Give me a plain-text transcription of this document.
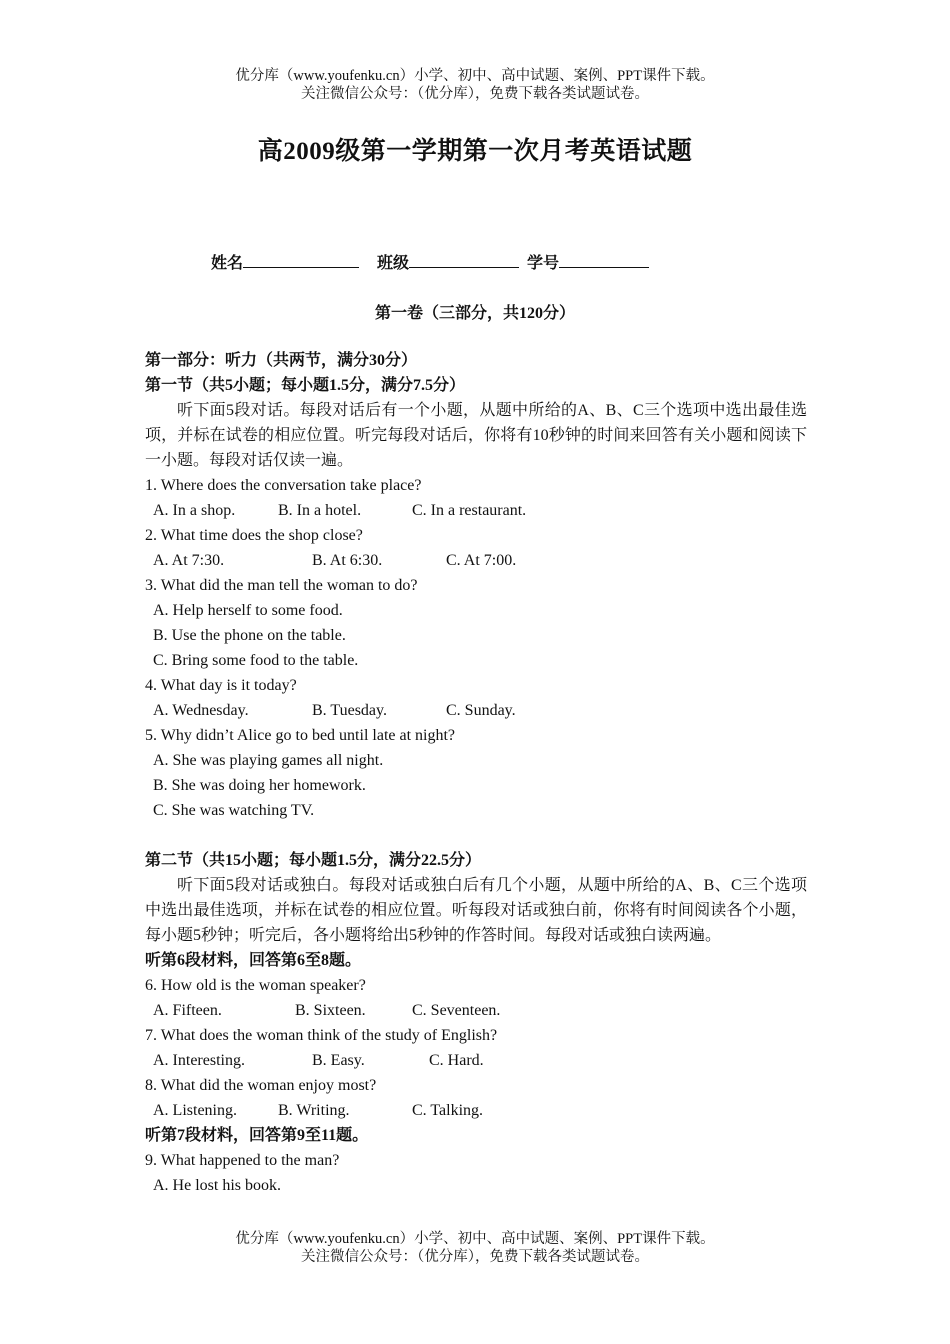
优分库（www.youfenku.cn）小学、初中、高中试题、案例、PPT课件下载。
关注微信公众号：（优分库），免费下载各类试题试卷。
高2009级第一学期第一次月考英语试题
姓名	班级	学号
第一卷（三部分，共120分）
第一部分：听力（共两节，满分30分）
第一节（共5小题；每小题1.5分，满分7.5分）
听下面5段对话。每段对话后有一个小题，从题中所给的A、B、C三个选项中选出最佳选项，并标在试卷的相应位置。听完每段对话后，你将有10秒钟的时间来回答有关小题和阅读下一小题。每段对话仅读一遍。
1. Where does the conversation take place?
A. In a shop.	B. In a hotel.	C. In a restaurant.
2. What time does the shop close?
A. At 7:30.	B. At 6:30.	C. At 7:00.
3. What did the man tell the woman to do?
A. Help herself to some food.
B. Use the phone on the table.
C. Bring some food to the table.
4. What day is it today?
A. Wednesday.	B. Tuesday.	C. Sunday.
5. Why didn’t Alice go to bed until late at night?
A. She was playing games all night.
B. She was doing her homework.
C. She was watching TV.
第二节（共15小题；每小题1.5分，满分22.5分）
听下面5段对话或独白。每段对话或独白后有几个小题，从题中所给的A、B、C三个选项中选出最佳选项，并标在试卷的相应位置。听每段对话或独白前，你将有时间阅读各个小题，每小题5秒钟；听完后，各小题将给出5秒钟的作答时间。每段对话或独白读两遍。
听第6段材料，回答第6至8题。
6. How old is the woman speaker?
A. Fifteen.	B. Sixteen.	C. Seventeen.
7. What does the woman think of the study of English?
A. Interesting.	B. Easy.	C. Hard.
8. What did the woman enjoy most?
A. Listening.	B. Writing.	C. Talking.
听第7段材料，回答第9至11题。
9. What happened to the man?
A. He lost his book.
优分库（www.youfenku.cn）小学、初中、高中试题、案例、PPT课件下载。
关注微信公众号：（优分库），免费下载各类试题试卷。
